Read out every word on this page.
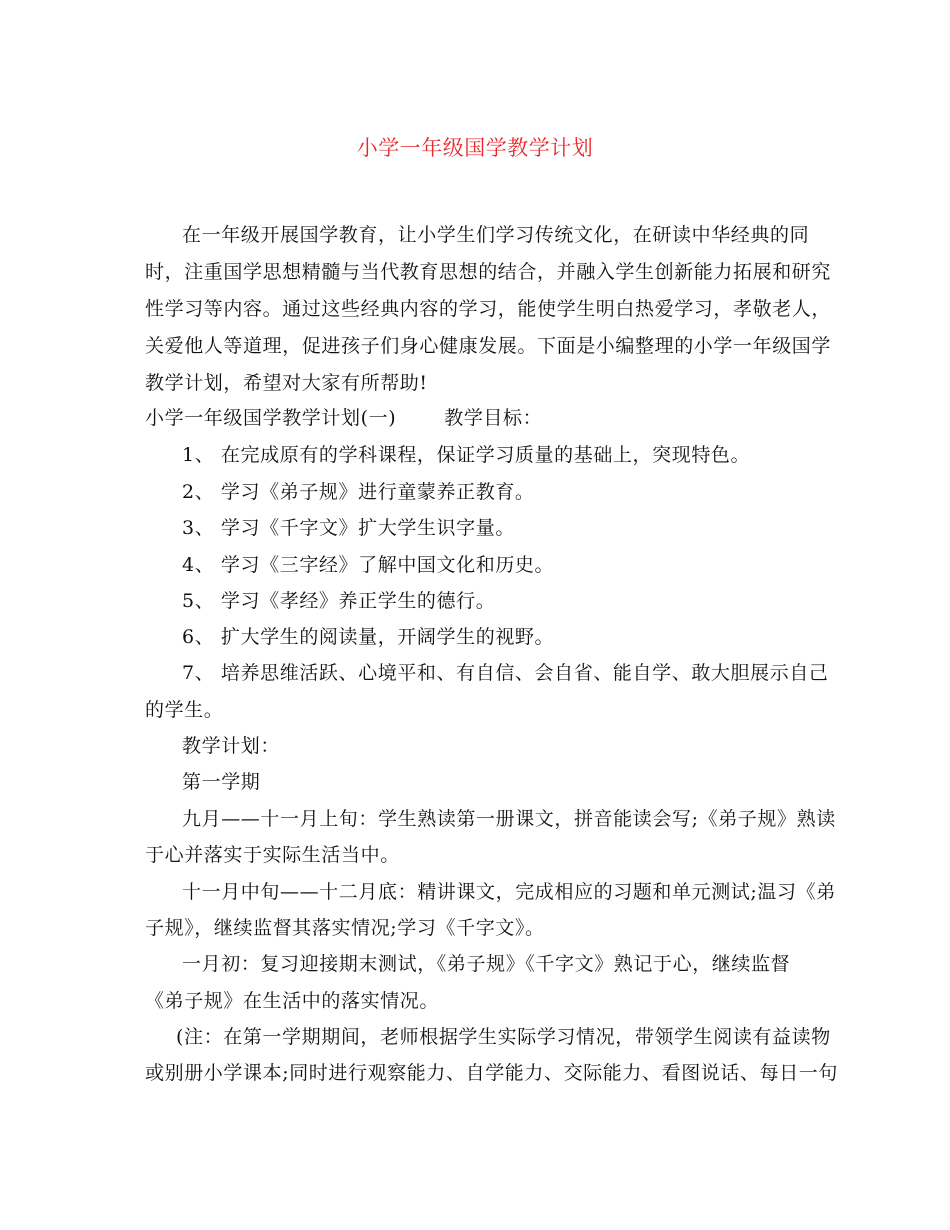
小学一年级国学教学计划
在一年级开展国学教育，让小学生们学习传统文化，在研读中华经典的同
时，注重国学思想精髓与当代教育思想的结合，并融入学生创新能力拓展和研究
性学习等内容。通过这些经典内容的学习，能使学生明白热爱学习，孝敬老人，
关爱他人等道理，促进孩子们身心健康发展。下面是小编整理的小学一年级国学
教学计划，希望对大家有所帮助!
小学一年级国学教学计划(一)	教学目标：
1、 在完成原有的学科课程，保证学习质量的基础上，突现特色。
2、 学习《弟子规》进行童蒙养正教育。
3、 学习《千字文》扩大学生识字量。
4、 学习《三字经》了解中国文化和历史。
5、 学习《孝经》养正学生的德行。
6、 扩大学生的阅读量，开阔学生的视野。
7、 培养思维活跃、心境平和、有自信、会自省、能自学、敢大胆展示自己
的学生。
教学计划：
第一学期
九月——十一月上旬：学生熟读第一册课文，拼音能读会写;《弟子规》熟读
于心并落实于实际生活当中。
十一月中旬——十二月底：精讲课文，完成相应的习题和单元测试;温习《弟
子规》，继续监督其落实情况;学习《千字文》。
一月初：复习迎接期末测试，《弟子规》《千字文》熟记于心，继续监督
《弟子规》在生活中的落实情况。
(注：在第一学期期间，老师根据学生实际学习情况，带领学生阅读有益读物
或别册小学课本;同时进行观察能力、自学能力、交际能力、看图说话、每日一句
